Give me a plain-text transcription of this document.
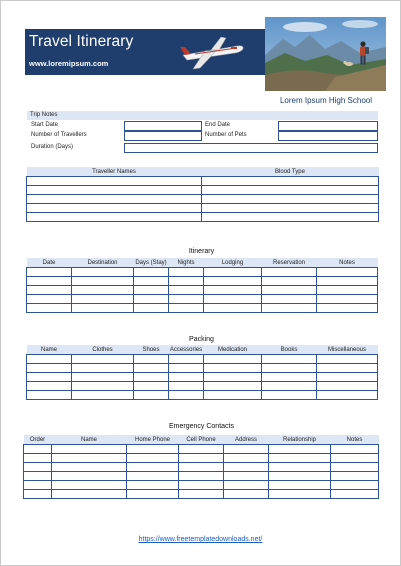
Travel Itinerary
www.loremipsum.com
Lorem Ipsum High School
Trip Notes
Start Date	End Date
Number of Travellers	Number of Pets
Duration (Days)
Traveller Names	Blood Type

Itinerary
Date	Destination	Days (Stay)	Nights	Lodging	Reservation	Notes

Packing
Name	Clothes	Shoes	Accessories	Medication	Books	Miscellaneous

Emergency Contacts
Order	Name	Home Phone	Cell Phone	Address	Relationship	Notes

https://www.freetemplatedownloads.net/
